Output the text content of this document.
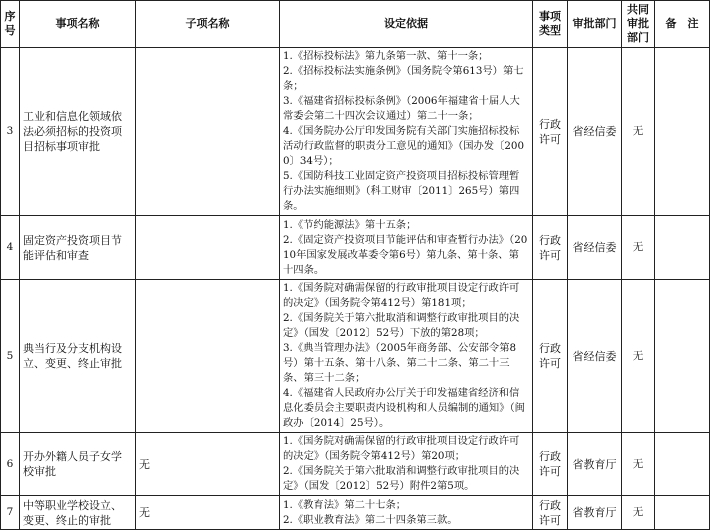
序号	事项名称	子项名称	设定依据	事项类型	审批部门	共同审批部门	备　注
3	工业和信息化领域依法必须招标的投资项目招标事项审批		1.《招标投标法》第九条第一款、第十一条；
2.《招标投标法实施条例》（国务院令第613号）第七条；
3.《福建省招标投标条例》（2006年福建省十届人大常委会第二十四次会议通过）第二十一条；
4.《国务院办公厅印发国务院有关部门实施招标投标活动行政监督的职责分工意见的通知》（国办发〔2000〕34号）；
5.《国防科技工业固定资产投资项目招标投标管理暂行办法实施细则》（科工财审〔2011〕265号）第四条。	行政许可	省经信委	无	
4	固定资产投资项目节能评估和审查		1.《节约能源法》第十五条；
2.《固定资产投资项目节能评估和审查暂行办法》（2010年国家发展改革委令第6号）第九条、第十条、第十四条。	行政许可	省经信委	无	
5	典当行及分支机构设立、变更、终止审批		1.《国务院对确需保留的行政审批项目设定行政许可的决定》（国务院令第412号）第181项；
2.《国务院关于第六批取消和调整行政审批项目的决定》（国发〔2012〕52号）下放的第28项；
3.《典当管理办法》（2005年商务部、公安部令第8号）第十五条、第十八条、第二十二条、第二十三条、第三十二条；
4.《福建省人民政府办公厅关于印发福建省经济和信息化委员会主要职责内设机构和人员编制的通知》（闽政办〔2014〕25号）。	行政许可	省经信委	无	
6	开办外籍人员子女学校审批	无	1.《国务院对确需保留的行政审批项目设定行政许可的决定》（国务院令第412号）第20项；
2.《国务院关于第六批取消和调整行政审批项目的决定》（国发〔2012〕52号）附件2第5项。	行政许可	省教育厅	无	
7	中等职业学校设立、变更、终止的审批	无	1.《教育法》第二十七条；
2.《职业教育法》第二十四条第三款。	行政许可	省教育厅	无	
